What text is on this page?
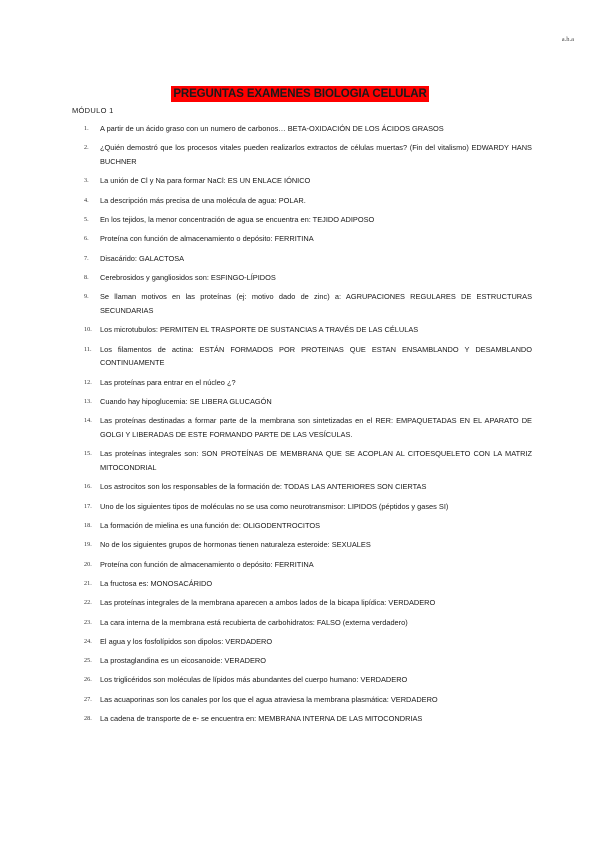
a.h.a
PREGUNTAS EXAMENES BIOLOGIA CELULAR
MÓDULO 1
1. A partir de un ácido graso con un numero de carbonos… BETA-OXIDACIÓN DE LOS ÁCIDOS GRASOS
2. ¿Quién demostró que los procesos vitales pueden realizarlos extractos de células muertas? (Fin del vitalismo) EDWARDY HANS BUCHNER
3. La unión de Cl y Na para formar NaCl: ES UN ENLACE IÓNICO
4. La descripción más precisa de una molécula de agua: POLAR.
5. En los tejidos, la menor concentración de agua se encuentra en: TEJIDO ADIPOSO
6. Proteína con función de almacenamiento o depósito: FERRITINA
7. Disacárido: GALACTOSA
8. Cerebrosidos y gangliosidos son: ESFINGO-LÍPIDOS
9. Se llaman motivos en las proteínas (ej: motivo dado de zinc) a: AGRUPACIONES REGULARES DE ESTRUCTURAS SECUNDARIAS
10. Los microtubulos: PERMITEN EL TRASPORTE DE SUSTANCIAS A TRAVÉS DE LAS CÉLULAS
11. Los filamentos de actina: ESTÁN FORMADOS POR PROTEINAS QUE ESTAN ENSAMBLANDO Y DESAMBLANDO CONTINUAMENTE
12. Las proteínas para entrar en el núcleo ¿?
13. Cuando hay hipoglucemia: SE LIBERA GLUCAGÓN
14. Las proteínas destinadas a formar parte de la membrana son sintetizadas en el RER: EMPAQUETADAS EN EL APARATO DE GOLGI Y LIBERADAS DE ESTE FORMANDO PARTE DE LAS VESÍCULAS.
15. Las proteínas integrales son: SON PROTEÍNAS DE MEMBRANA QUE SE ACOPLAN AL CITOESQUELETO CON LA MATRIZ MITOCONDRIAL
16. Los astrocitos son los responsables de la formación de: TODAS LAS ANTERIORES SON CIERTAS
17. Uno de los siguientes tipos de moléculas no se usa como neurotransmisor: LIPIDOS (péptidos y gases SI)
18. La formación de mielina es una función de: OLIGODENTROCITOS
19. No de los siguientes grupos de hormonas tienen naturaleza esteroide: SEXUALES
20. Proteína con función de almacenamiento o depósito: FERRITINA
21. La fructosa es: MONOSACÁRIDO
22. Las proteínas integrales de la membrana aparecen a ambos lados de la bicapa lipídica: VERDADERO
23. La cara interna de la membrana está recubierta de carbohidratos: FALSO (externa verdadero)
24. El agua y los fosfolípidos son dipolos: VERDADERO
25. La prostaglandina es un eicosanoide: VERADERO
26. Los triglicéridos son moléculas de lípidos más abundantes del cuerpo humano: VERDADERO
27. Las acuaporinas son los canales por los que el agua atraviesa la membrana plasmática: VERDADERO
28. La cadena de transporte de e- se encuentra en: MEMBRANA INTERNA DE LAS MITOCONDRIAS
